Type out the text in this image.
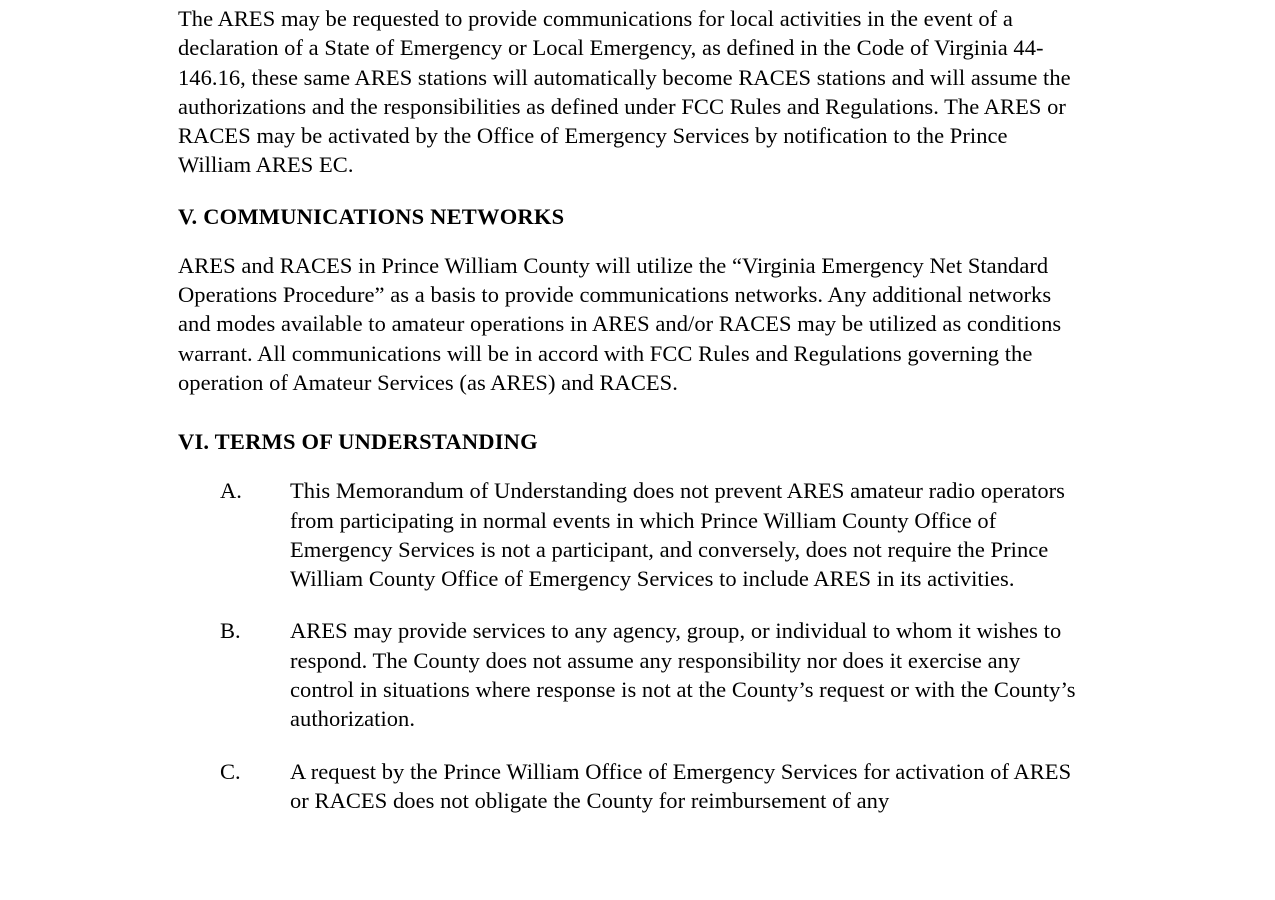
The ARES may be requested to provide communications for local activities in the event of a declaration of a State of Emergency or Local Emergency, as defined in the Code of Virginia 44-146.16, these same ARES stations will automatically become RACES stations and will assume the authorizations and the responsibilities as defined under FCC Rules and Regulations. The ARES or RACES may be activated by the Office of Emergency Services by notification to the Prince William ARES EC.

V. COMMUNICATIONS NETWORKS

ARES and RACES in Prince William County will utilize the “Virginia Emergency Net Standard Operations Procedure” as a basis to provide communications networks. Any additional networks and modes available to amateur operations in ARES and/or RACES may be utilized as conditions warrant. All communications will be in accord with FCC Rules and Regulations governing the operation of Amateur Services (as ARES) and RACES.

VI. TERMS OF UNDERSTANDING
A.	This Memorandum of Understanding does not prevent ARES amateur radio operators from participating in normal events in which Prince William County Office of Emergency Services is not a participant, and conversely, does not require the Prince William County Office of Emergency Services to include ARES in its activities.
B.	ARES may provide services to any agency, group, or individual to whom it wishes to respond. The County does not assume any responsibility nor does it exercise any control in situations where response is not at the County’s request or with the County’s authorization.
C.	A request by the Prince William Office of Emergency Services for activation of ARES or RACES does not obligate the County for reimbursement of any
